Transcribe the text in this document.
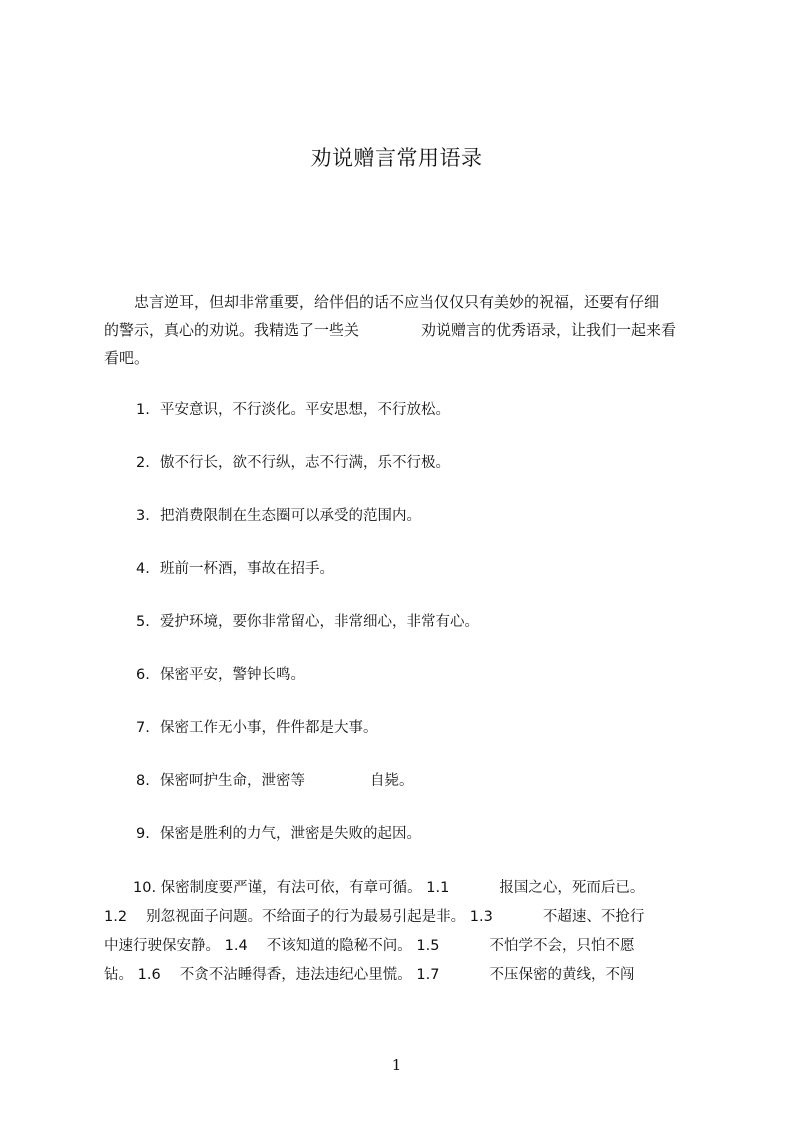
劝说赠言常用语录
　　忠言逆耳，但却非常重要，给伴侣的话不应当仅仅只有美妙的祝福，还要有仔细
的警示，真心的劝说。我精选了一些关	劝说赠言的优秀语录，让我们一起来看
看吧。
1. 平安意识，不行淡化。平安思想，不行放松。
2. 傲不行长，欲不行纵，志不行满，乐不行极。
3. 把消费限制在生态圈可以承受的范围内。
4. 班前一杯酒，事故在招手。
5. 爱护环境，要你非常留心，非常细心，非常有心。
6. 保密平安，警钟长鸣。
7. 保密工作无小事，件件都是大事。
8. 保密呵护生命，泄密等	自毙。
9. 保密是胜利的力气，泄密是失败的起因。
　　10. 保密制度要严谨，有法可依，有章可循。 1.1	报国之心，死而后已。
1.2　 别忽视面子问题。不给面子的行为最易引起是非。 1.3	不超速、不抢行
中速行驶保安静。 1.4　 不该知道的隐秘不问。 1.5	不怕学不会，只怕不愿
钻。 1.6　 不贪不沾睡得香，违法违纪心里慌。 1.7	不压保密的黄线，不闯
1
